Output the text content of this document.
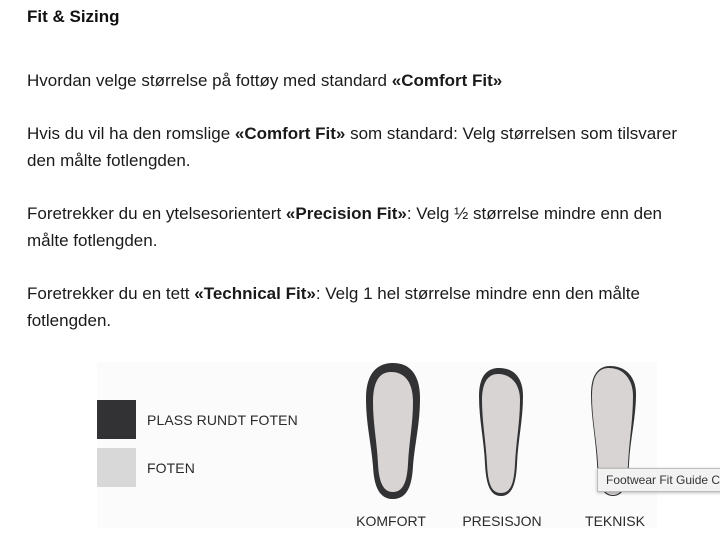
Fit & Sizing

Hvordan velge størrelse på fottøy med standard «Comfort Fit»

Hvis du vil ha den romslige «Comfort Fit» som standard: Velg størrelsen som tilsvarer den målte fotlengden.

Foretrekker du en ytelsesorientert «Precision Fit»: Velg ½ størrelse mindre enn den målte fotlengden.

Foretrekker du en tett «Technical Fit»: Velg 1 hel størrelse mindre enn den målte fotlengden.

PLASS RUNDT FOTEN
FOTEN
KOMFORT	PRESISJON	TEKNISK
Footwear Fit Guide C
